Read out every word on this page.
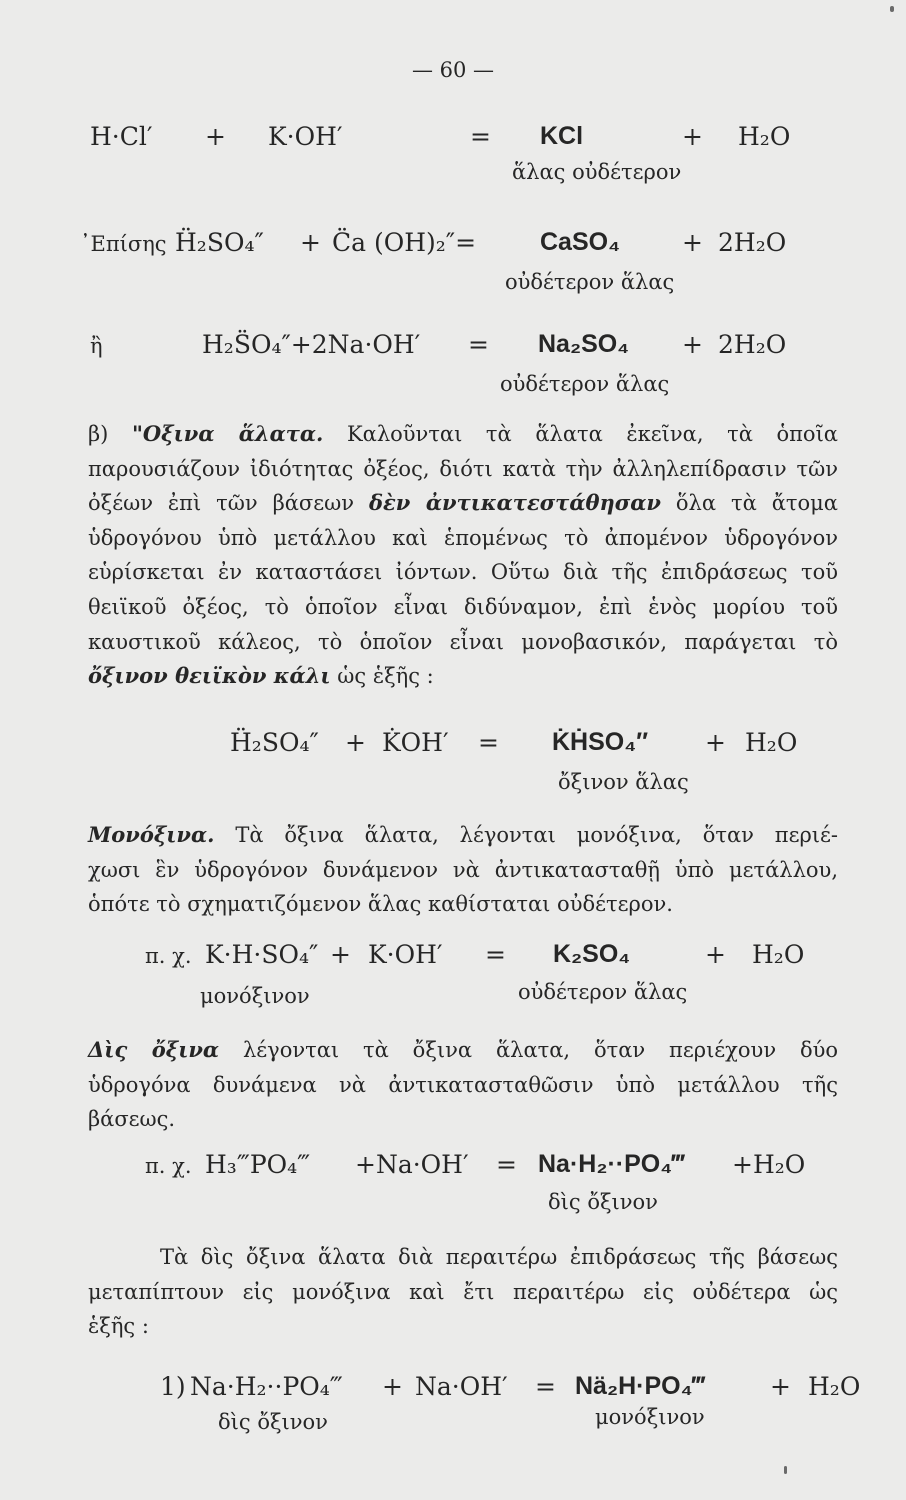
— 60 —
H·Cl′ + K·OH′	= KCl	+ H₂O
ἅλας οὐδέτερον
᾿Επίσης Ḧ₂SO₄″ + C̈a (OH)₂″=	CaSO₄ + 2H₂O
οὐδέτερον ἅλας
ἢ	H₂S̈O₄″+2Na·OH′ = Na₂SO₄ + 2H₂O
οὐδέτερον ἅλας
β) "Οξινα ἅλατα. Καλοῦνται τὰ ἅλατα ἐκεῖνα, τὰ ὁποῖα
παρουσιάζουν ἰδιότητας ὀξέος, διότι κατὰ τὴν ἀλληλεπίδρασιν τῶν
ὀξέων ἐπὶ τῶν βάσεων δὲν ἀντικατεστάθησαν ὅλα τὰ ἄτομα
ὑδρογόνου ὑπὸ μετάλλου καὶ ἑπομένως τὸ ἀπομένον ὑδρογόνον
εὑρίσκεται ἐν καταστάσει ἰόντων. Οὕτω διὰ τῆς ἐπιδράσεως τοῦ
θειϊκοῦ ὀξέος, τὸ ὁποῖον εἶναι διδύναμον, ἐπὶ ἑνὸς μορίου τοῦ
καυστικοῦ κάλεος, τὸ ὁποῖον εἶναι μονοβασικόν, παράγεται τὸ
ὄξινον θειϊκὸν κάλι ὡς ἑξῆς :
Ḧ₂SO₄″ + K̇OH′ = K̇ḢSO₄″ + H₂O
ὄξινον ἅλας
Μονόξινα. Τὰ ὄξινα ἅλατα, λέγονται μονόξινα, ὅταν περιέ-
χωσι ἓν ὑδρογόνον δυνάμενον νὰ ἀντικατασταθῇ ὑπὸ μετάλλου,
ὁπότε τὸ σχηματιζόμενον ἅλας καθίσταται οὐδέτερον.
π. χ. K·H·SO₄″ + K·OH′ = K₂SO₄	+ H₂O
μονόξινον	οὐδέτερον ἅλας
Δὶς ὄξινα λέγονται τὰ ὄξινα ἅλατα, ὅταν περιέχουν δύο
ὑδρογόνα δυνάμενα νὰ ἀντικατασταθῶσιν ὑπὸ μετάλλου τῆς
βάσεως.
π. χ. H₃‴PO₄‴ +Na·OH′ = Na·H₂··PO₄‴ +H₂O
δὶς ὄξινον
Τὰ δὶς ὄξινα ἅλατα διὰ περαιτέρω ἐπιδράσεως τῆς βάσεως
μεταπίπτουν εἰς μονόξινα καὶ ἔτι περαιτέρω εἰς οὐδέτερα ὡς
ἑξῆς :
1) Na·H₂··PO₄‴ + Na·OH′ = Nä₂H·PO₄‴	+ H₂O
δὶς ὄξινον	μονόξινον
